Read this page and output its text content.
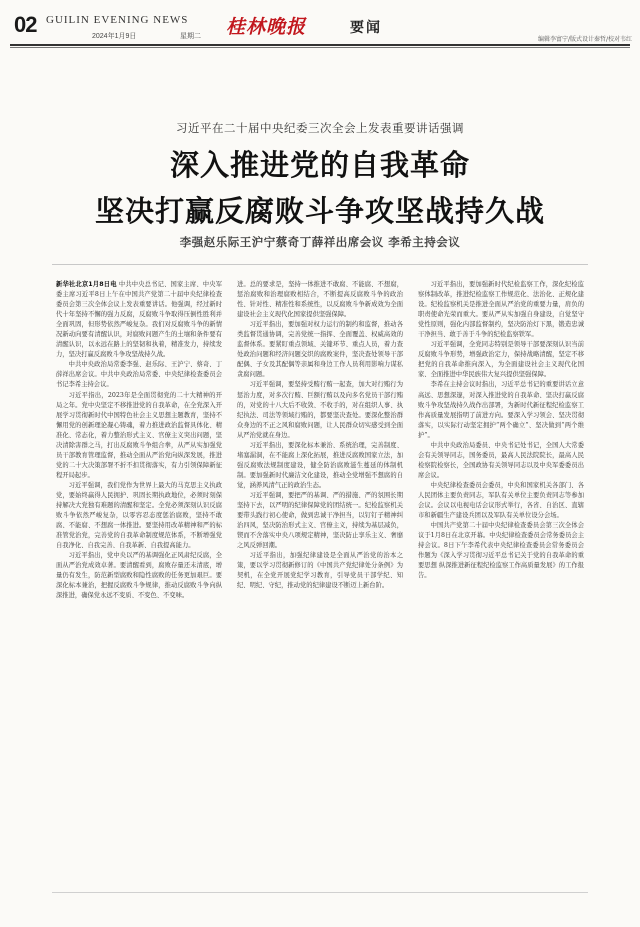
02 GUILIN EVENING NEWS
2024年1月9日	星期二 桂林晚报	要闻
编辑李富宁/版式设计秦哲/校对韦红
习近平在二十届中央纪委三次全会上发表重要讲话强调
深入推进党的自我革命
坚决打赢反腐败斗争攻坚战持久战
李强赵乐际王沪宁蔡奇丁薛祥出席会议 李希主持会议

新华社北京1月8日电 中共中央总书记、国家主席、中央军委主席习近平8日上午在中国共产党第二十届中央纪律检查委员会第三次全体会议上发表重要讲话。他强调，经过新时代十年坚持不懈的强力反腐，反腐败斗争取得压倒性胜利并全面巩固，但形势依然严峻复杂。我们对反腐败斗争的新情况新动向要有清醒认识，对腐败问题产生的土壤和条件要有清醒认识，以永远在路上的坚韧和执着，精准发力，持续发力，坚决打赢反腐败斗争攻坚战持久战。

中共中央政治局常委李强、赵乐际、王沪宁、蔡奇、丁薛祥出席会议。中共中央政治局常委、中央纪律检查委员会书记李希主持会议。

习近平指出，2023年是全面贯彻党的二十大精神的开局之年。党中央坚定不移推进党的自我革命，在全党深入开展学习贯彻新时代中国特色社会主义思想主题教育，坚持不懈用党的创新理论凝心铸魂，着力推进政治监督具体化、精准化、常态化，着力整治形式主义、官僚主义突出问题，坚决清除害群之马，打出反腐败斗争组合拳，从严从实加强党员干部教育管理监督，推动全面从严治党向纵深发展，推进党的二十大决策部署不折不扣贯彻落实，有力引领保障新征程开局起步。

习近平强调，我们党作为世界上最大的马克思主义执政党，要始终赢得人民拥护、巩固长期执政地位，必须时刻保持解决大党独有难题的清醒和坚定。全党必须深刻认识反腐败斗争依然严峻复杂，以零容忍态度惩治腐败，坚持不敢腐、不能腐、不想腐一体推进。要坚持用改革精神和严的标准管党治党，完善党的自我革命制度规范体系，不断增强党自我净化、自我完善、自我革新、自我提高能力。

习近平指出，党中央以严的基调强化正风肃纪反腐，全面从严治党成效卓著。要清醒看到，腐败存量还未清底，增量仍有发生，防范新型腐败和隐性腐败的任务更加艰巨。要深化标本兼治，把握反腐败斗争规律，推动反腐败斗争向纵深推进，确保党永远不变质、不变色、不变味。

进。总的要求是，坚持一体推进不敢腐、不能腐、不想腐，惩治腐败和治理腐败相结合，不断提高反腐败斗争的政治性、针对性、精准性和系统性，以反腐败斗争新成效为全面建设社会主义现代化国家提供坚强保障。

习近平指出，要加强对权力运行的制约和监督，推动各类监督贯通协调，完善党统一指挥、全面覆盖、权威高效的监督体系。要紧盯重点领域、关键环节、重点人员，着力查处政治问题和经济问题交织的腐败案件，坚决查处领导干部配偶、子女及其配偶等亲属和身边工作人员利用影响力谋私贪腐问题。

习近平强调，要坚持受贿行贿一起查，加大对行贿行为惩治力度，对多次行贿、巨额行贿以及向多名党员干部行贿的，对党的十八大后不收敛、不收手的，对在组织人事、执纪执法、司法等领域行贿的，都要坚决查处。要深化整治群众身边的不正之风和腐败问题，让人民群众切实感受到全面从严治党就在身边。

习近平指出，要深化标本兼治、系统治理，完善制度、堵塞漏洞，在不能腐上深化拓展，推进反腐败国家立法，加强反腐败法规制度建设，健全防治腐败滋生蔓延的体制机制。要加强新时代廉洁文化建设，推动全党增强不想腐的自觉，涵养风清气正的政治生态。

习近平强调，要把严的基调、严的措施、严的氛围长期坚持下去，以严明的纪律保障党的团结统一。纪检监察机关要带头践行初心使命，做到忠诚干净担当，以钉钉子精神纠治四风，坚决防治形式主义、官僚主义，持续为基层减负，锲而不舍落实中央八项规定精神，坚决防止享乐主义、奢靡之风反弹回潮。

习近平指出，加强纪律建设是全面从严治党的治本之策，要以学习贯彻新修订的《中国共产党纪律处分条例》为契机，在全党开展党纪学习教育，引导党员干部学纪、知纪、明纪、守纪，推动党的纪律建设不断迈上新台阶。

习近平指出，要加强新时代纪检监察工作，深化纪检监察体制改革，推进纪检监察工作规范化、法治化、正规化建设。纪检监察机关是推进全面从严治党的重要力量，肩负的职责使命光荣而重大。要从严从实加强自身建设，自觉坚守党性原则，强化内部监督制约，坚决防治灯下黑，锻造忠诚干净担当、敢于善于斗争的纪检监察铁军。

习近平强调，全党同志特别是领导干部要深刻认识当前反腐败斗争形势，增强政治定力，保持战略清醒，坚定不移把党的自我革命推向深入，为全面建设社会主义现代化国家、全面推进中华民族伟大复兴提供坚强保障。

李希在主持会议时指出，习近平总书记的重要讲话立意高远、思想深邃，对深入推进党的自我革命、坚决打赢反腐败斗争攻坚战持久战作出部署，为新时代新征程纪检监察工作高质量发展指明了前进方向。要深入学习领会、坚决贯彻落实，以实际行动坚定拥护“两个确立”、坚决做到“两个维护”。

中共中央政治局委员、中央书记处书记，全国人大常委会有关领导同志，国务委员，最高人民法院院长，最高人民检察院检察长，全国政协有关领导同志以及中央军委委员出席会议。

中央纪律检查委员会委员，中央和国家机关各部门、各人民团体主要负责同志，军队有关单位主要负责同志等参加会议。会议以电视电话会议形式举行，各省、自治区、直辖市和新疆生产建设兵团以及军队有关单位设分会场。

中国共产党第二十届中央纪律检查委员会第三次全体会议于1月8日在北京开幕。中央纪律检查委员会常务委员会主持会议。8日下午李希代表中央纪律检查委员会常务委员会作题为《深入学习贯彻习近平总书记关于党的自我革命的重要思想 纵深推进新征程纪检监察工作高质量发展》的工作报告。
